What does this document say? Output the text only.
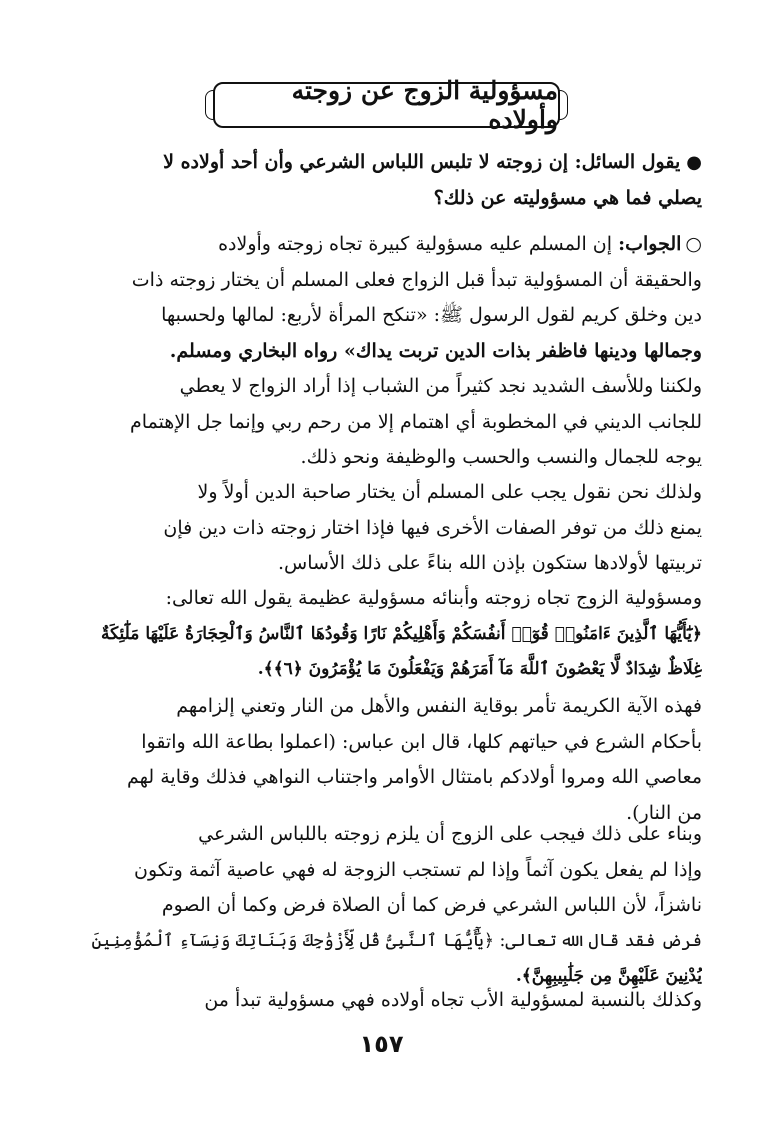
مسؤولية الزوج عن زوجته وأولاده
●يقول السائل: إن زوجته لا تلبس اللباس الشرعي وأن أحد أولاده لا
يصلي فما هي مسؤوليته عن ذلك؟
○الجواب: إن المسلم عليه مسؤولية كبيرة تجاه زوجته وأولاده
والحقيقة أن المسؤولية تبدأ قبل الزواج فعلى المسلم أن يختار زوجته ذات
دين وخلق كريم لقول الرسول ﷺ: «تنكح المرأة لأربع: لمالها ولحسبها
وجمالها ودينها فاظفر بذات الدين تربت يداك» رواه البخاري ومسلم.
ولكننا وللأسف الشديد نجد كثيراً من الشباب إذا أراد الزواج لا يعطي
للجانب الديني في المخطوبة أي اهتمام إلا من رحم ربي وإنما جل الإهتمام
يوجه للجمال والنسب والحسب والوظيفة ونحو ذلك.
ولذلك نحن نقول يجب على المسلم أن يختار صاحبة الدين أولاً ولا
يمنع ذلك من توفر الصفات الأخرى فيها فإذا اختار زوجته ذات دين فإن
تربيتها لأولادها ستكون بإذن الله بناءً على ذلك الأساس.
ومسؤولية الزوج تجاه زوجته وأبنائه مسؤولية عظيمة يقول الله تعالى:
﴿يَٰٓأَيُّهَا ٱلَّذِينَ ءَامَنُوا۟ قُوٓا۟ أَنفُسَكُمْ وَأَهْلِيكُمْ نَارًا وَقُودُهَا ٱلنَّاسُ وَٱلْحِجَارَةُ عَلَيْهَا مَلَٰٓئِكَةٌ
غِلَاظٌ شِدَادٌ لَّا يَعْصُونَ ٱللَّهَ مَآ أَمَرَهُمْ وَيَفْعَلُونَ مَا يُؤْمَرُونَ ﴿٦﴾﴾.
فهذه الآية الكريمة تأمر بوقاية النفس والأهل من النار وتعني إلزامهم
بأحكام الشرع في حياتهم كلها، قال ابن عباس: (اعملوا بطاعة الله واتقوا
معاصي الله ومروا أولادكم بامتثال الأوامر واجتناب النواهي فذلك وقاية لهم
من النار).
وبناء على ذلك فيجب على الزوج أن يلزم زوجته باللباس الشرعي
وإذا لم يفعل يكون آثماً وإذا لم تستجب الزوجة له فهي عاصية آثمة وتكون
ناشزاً، لأن اللباس الشرعي فرض كما أن الصلاة فرض وكما أن الصوم
فرض فقد قال الله تعالى: ﴿يَٰٓأَيُّهَا ٱلنَّبِىُّ قُل لِّأَزْوَٰجِكَ وَبَنَاتِكَ وَنِسَآءِ ٱلْمُؤْمِنِينَ
يُدْنِينَ عَلَيْهِنَّ مِن جَلَٰبِيبِهِنَّ﴾.
وكذلك بالنسبة لمسؤولية الأب تجاه أولاده فهي مسؤولية تبدأ من
١٥٧
